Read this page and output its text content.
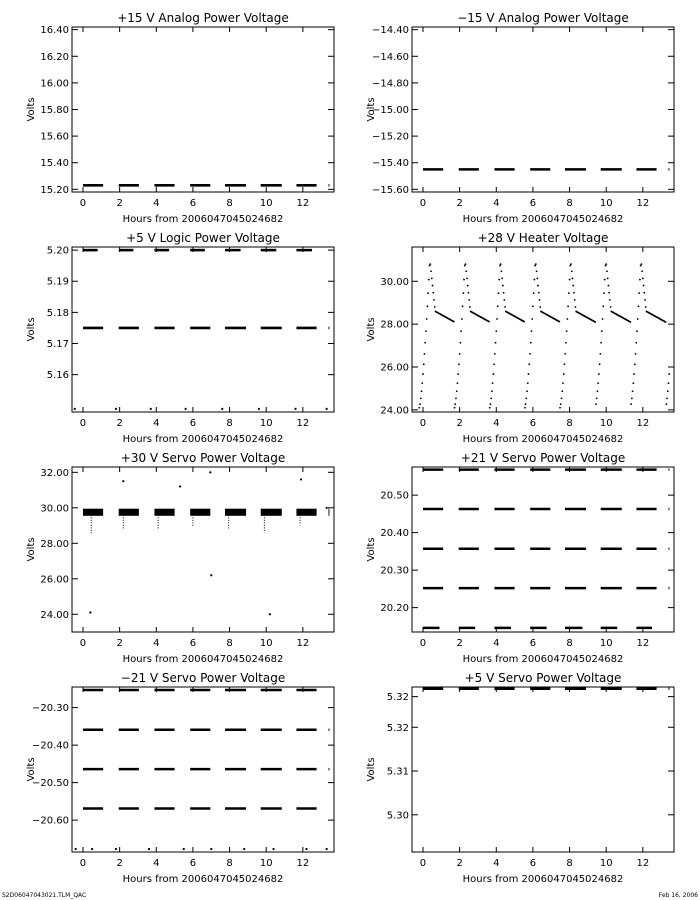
S2D06047043021.TLM_QAC	Feb 16, 2006
+15 V Analog Power Voltage
Hours from 2006047045024682
Volts
0	2	4	6	8	10 12
15.20
15.40
15.60
15.80
16.00
16.20
16.40
−15 V Analog Power Voltage
Hours from 2006047045024682
Volts
0	2	4	6	8	10 12
−14.40
−14.60
−14.80
−15.00
−15.20
−15.40
−15.60
+5 V Logic Power Voltage
Hours from 2006047045024682
Volts
0	2	4	6	8	10 12
5.16
5.17
5.18
5.19
5.20
+28 V Heater Voltage
Hours from 2006047045024682
Volts
0	2	4	6	8	10 12
24.00
26.00
28.00
30.00
+30 V Servo Power Voltage
Hours from 2006047045024682
Volts
0	2	4	6	8	10 12
24.00
26.00
28.00
30.00
32.00
+21 V Servo Power Voltage
Hours from 2006047045024682
Volts
0	2	4	6	8	10 12
20.20
20.30
20.40
20.50
−21 V Servo Power Voltage
Hours from 2006047045024682
Volts
0	2	4	6	8	10 12
−20.30
−20.40
−20.50
−20.60
+5 V Servo Power Voltage
Hours from 2006047045024682
Volts
0	2	4	6	8	10 12
5.30
5.31
5.32
5.32
